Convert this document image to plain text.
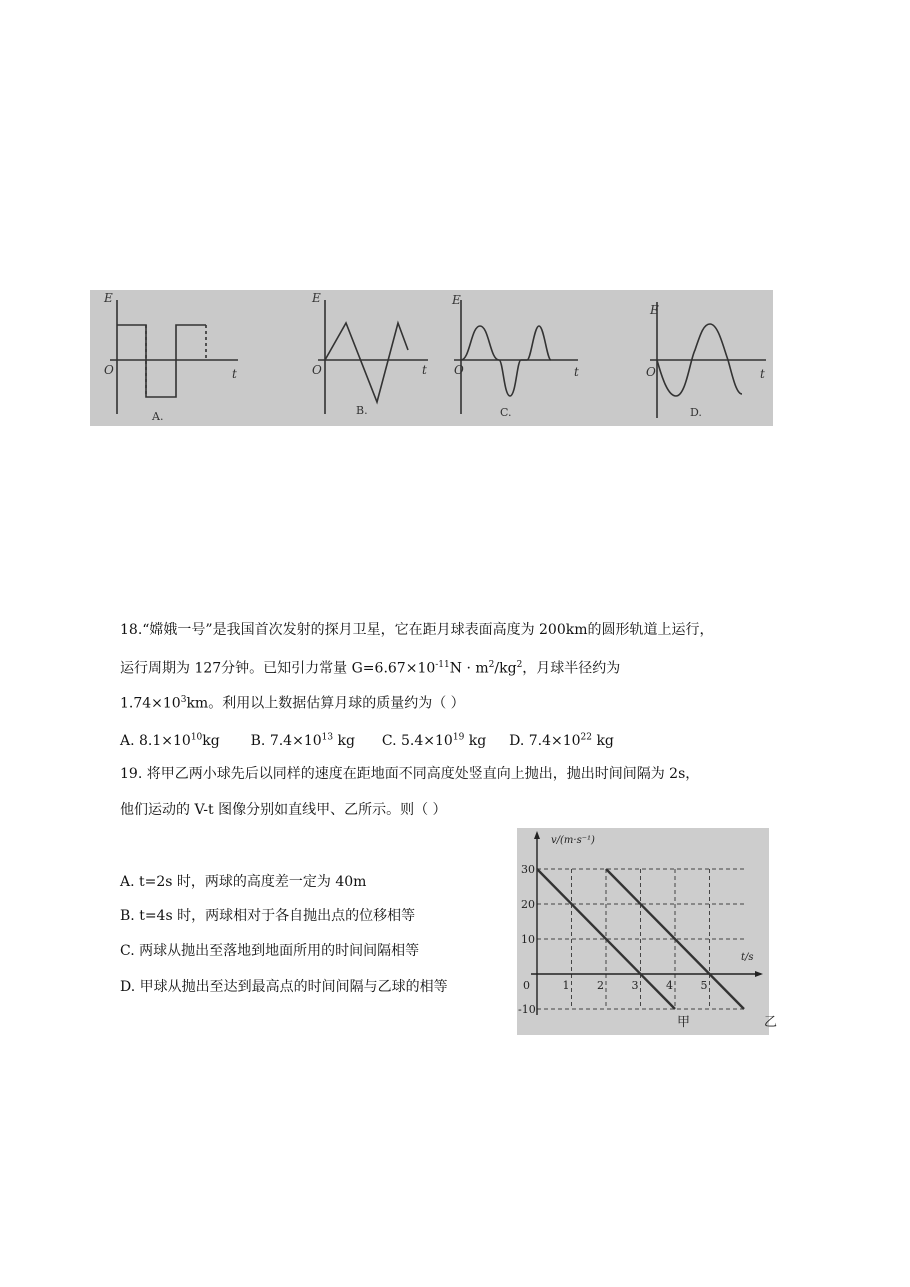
E
t
O
E
t
O
E
t
O
E
t
O
A.	B.	C.	D.
18.“嫦娥一号”是我国首次发射的探月卫星，它在距月球表面高度为 200km的圆形轨道上运行，
运行周期为 127分钟。已知引力常量 $G=6.67\times 10^{-11}N \cdot m^2/kg^2$，月球半径约为
$1.74\times 10^3km$。利用以上数据估算月球的质量约为（ ）
A. $8.1\times 10^{10}kg$ B. $7.4\times 10^{13}$ kg C. $5.4\times 10^{19}$ kg D. $7.4\times 10^{22}$ kg
19. 将甲乙两小球先后以同样的速度在距地面不同高度处竖直向上抛出，抛出时间间隔为 2s，
他们运动的 V-t 图像分别如直线甲、乙所示。则（ ）
A. t=2s 时，两球的高度差一定为 40m
B. t=4s 时，两球相对于各自抛出点的位移相等
C. 两球从抛出至落地到地面所用的时间间隔相等
D. 甲球从抛出至达到最高点的时间间隔与乙球的相等	0	1	2	3	4	5
-10
10
20
30
甲	乙
v/(m·s⁻¹)
t/s
